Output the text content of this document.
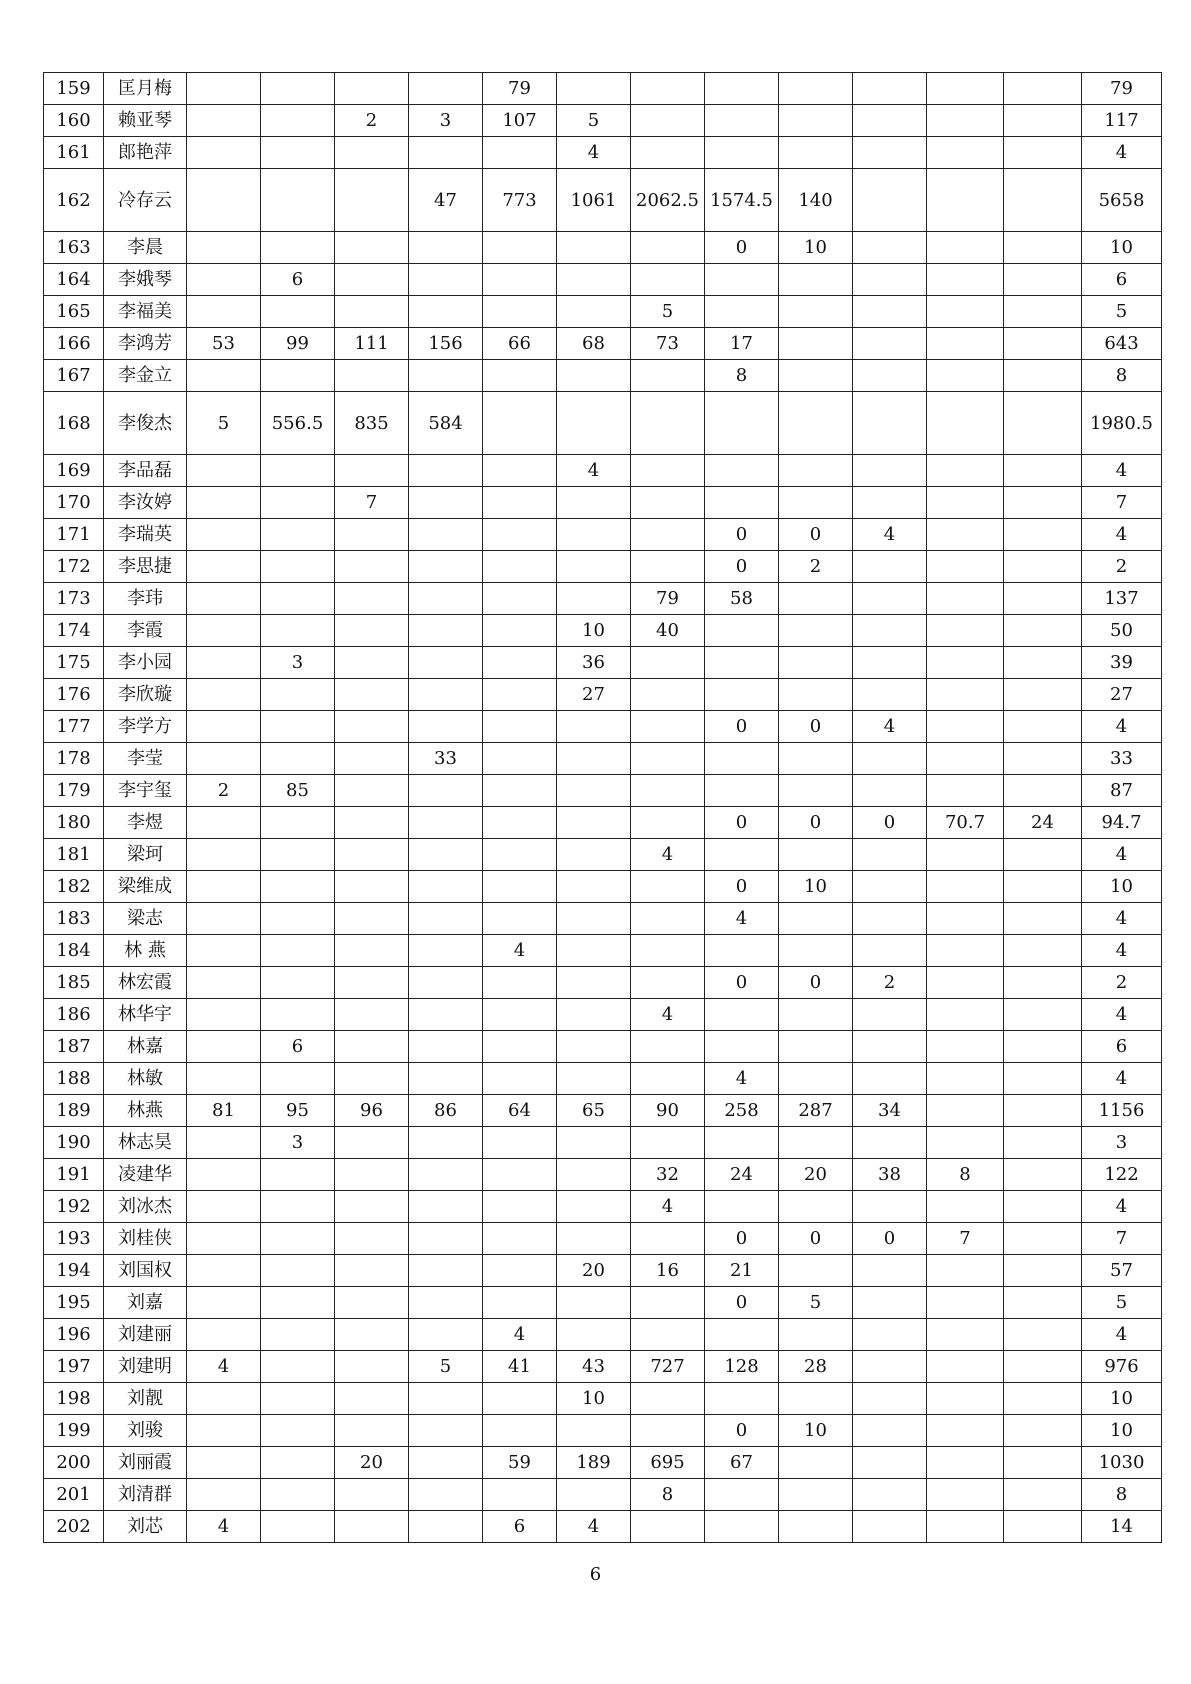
159	匡月梅					79								79
160	赖亚琴			2	3	107	5							117
161	郎艳萍						4							4
162	冷存云				47	773	1061	2062.5	1574.5	140				5658
163	李晨								0	10				10
164	李娥琴		6											6
165	李福美							5						5
166	李鸿芳	53	99	111	156	66	68	73	17					643
167	李金立								8					8
168	李俊杰	5	556.5	835	584									1980.5
169	李品磊						4							4
170	李汝婷			7										7
171	李瑞英								0	0	4			4
172	李思捷								0	2				2
173	李玮							79	58					137
174	李霞						10	40						50
175	李小园		3				36							39
176	李欣璇						27							27
177	李学方								0	0	4			4
178	李莹				33									33
179	李宇玺	2	85											87
180	李煜								0	0	0	70.7	24	94.7
181	梁珂							4						4
182	梁维成								0	10				10
183	梁志								4					4
184	林 燕					4								4
185	林宏霞								0	0	2			2
186	林华宇							4						4
187	林嘉		6											6
188	林敏								4					4
189	林燕	81	95	96	86	64	65	90	258	287	34			1156
190	林志昊		3											3
191	凌建华							32	24	20	38	8		122
192	刘冰杰							4						4
193	刘桂侠								0	0	0	7		7
194	刘国权						20	16	21					57
195	刘嘉								0	5				5
196	刘建丽					4								4
197	刘建明	4			5	41	43	727	128	28				976
198	刘靓						10							10
199	刘骏								0	10				10
200	刘丽霞			20		59	189	695	67					1030
201	刘清群							8						8
202	刘芯	4				6	4							14
6
